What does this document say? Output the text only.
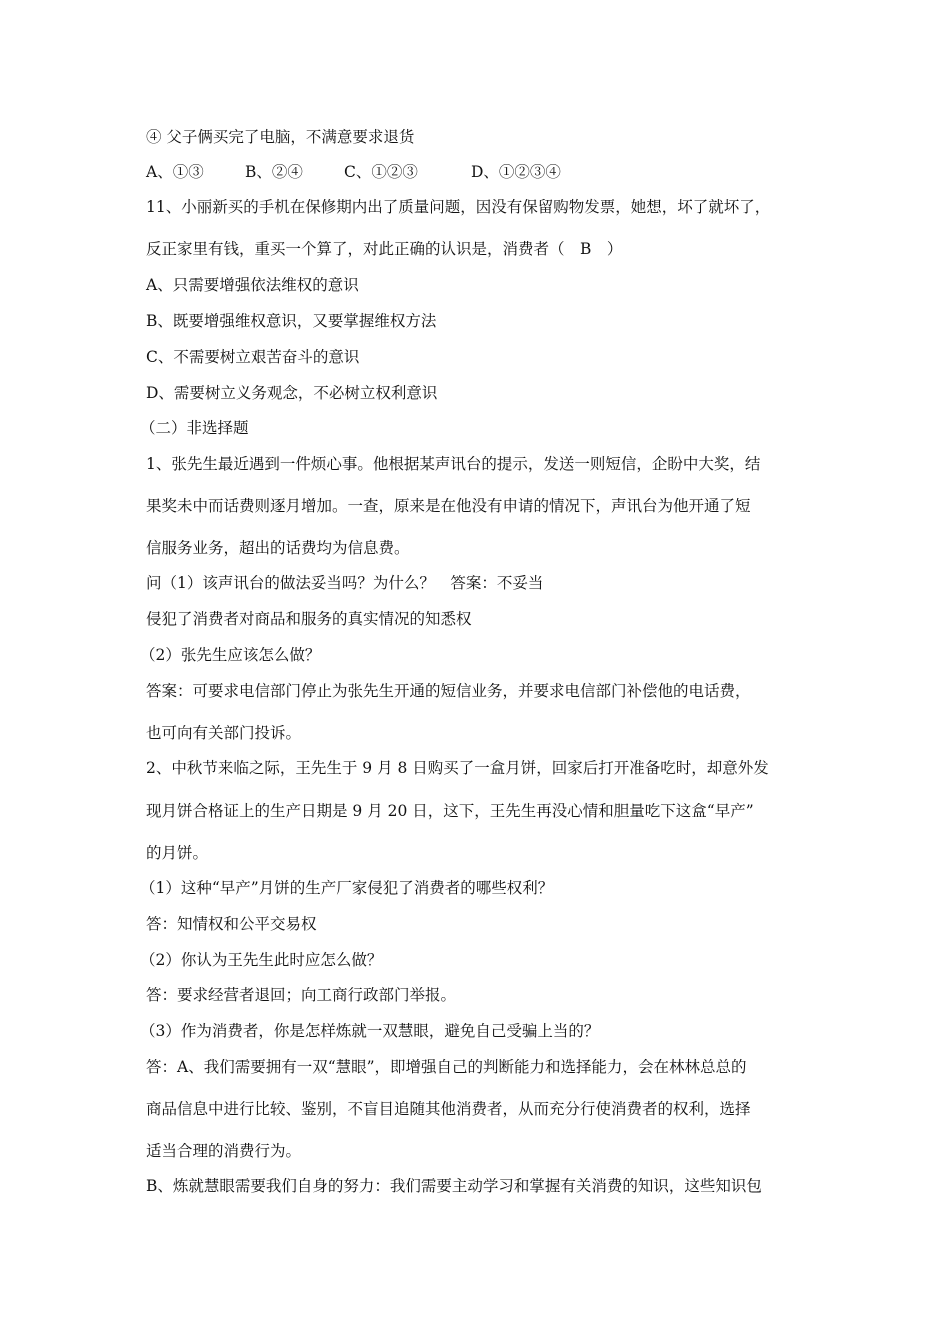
④ 父子俩买完了电脑，不满意要求退货
A、①③	B、②④	C、①②③	D、①②③④
11、小丽新买的手机在保修期内出了质量问题，因没有保留购物发票，她想，坏了就坏了，
反正家里有钱，重买一个算了，对此正确的认识是，消费者（　B　）
A、只需要增强依法维权的意识
B、既要增强维权意识，又要掌握维权方法
C、不需要树立艰苦奋斗的意识
D、需要树立义务观念，不必树立权利意识
（二）非选择题
1、张先生最近遇到一件烦心事。他根据某声讯台的提示，发送一则短信，企盼中大奖，结
果奖未中而话费则逐月增加。一查，原来是在他没有申请的情况下，声讯台为他开通了短
信服务业务，超出的话费均为信息费。
问（1）该声讯台的做法妥当吗？为什么？　答案：不妥当
侵犯了消费者对商品和服务的真实情况的知悉权
（2）张先生应该怎么做？
答案：可要求电信部门停止为张先生开通的短信业务，并要求电信部门补偿他的电话费，
也可向有关部门投诉。
2、中秋节来临之际，王先生于 9 月 8 日购买了一盒月饼，回家后打开准备吃时，却意外发
现月饼合格证上的生产日期是 9 月 20 日，这下，王先生再没心情和胆量吃下这盒“早产”
的月饼。
（1）这种“早产”月饼的生产厂家侵犯了消费者的哪些权利？
答：知情权和公平交易权
（2）你认为王先生此时应怎么做？
答：要求经营者退回；向工商行政部门举报。
（3）作为消费者，你是怎样炼就一双慧眼，避免自己受骗上当的？
答：A、我们需要拥有一双“慧眼”，即增强自己的判断能力和选择能力，会在林林总总的
商品信息中进行比较、鉴别，不盲目追随其他消费者，从而充分行使消费者的权利，选择
适当合理的消费行为。
B、炼就慧眼需要我们自身的努力：我们需要主动学习和掌握有关消费的知识，这些知识包
